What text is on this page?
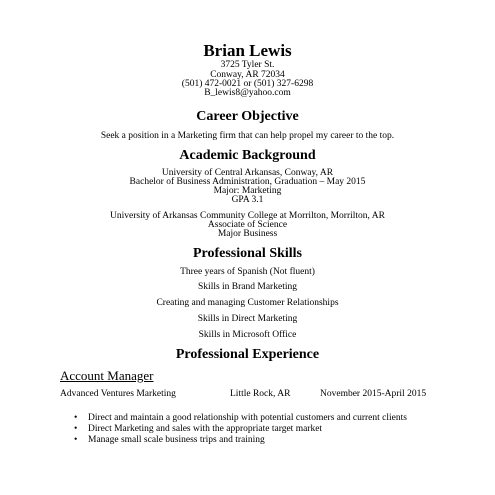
Brian Lewis
3725 Tyler St.
Conway, AR 72034
(501) 472-0021 or (501) 327-6298
B_lewis8@yahoo.com
Career Objective
Seek a position in a Marketing firm that can help propel my career to the top.
Academic Background
University of Central Arkansas, Conway, AR
Bachelor of Business Administration, Graduation – May 2015
Major: Marketing
GPA 3.1
University of Arkansas Community College at Morrilton, Morrilton, AR
Associate of Science
Major Business
Professional Skills
Three years of Spanish (Not fluent)
Skills in Brand Marketing
Creating and managing Customer Relationships
Skills in Direct Marketing
Skills in Microsoft Office
Professional Experience
Account Manager
Advanced Ventures Marketing	Little Rock, AR	November 2015-April 2015
• Direct and maintain a good relationship with potential customers and current clients
• Direct Marketing and sales with the appropriate target market
• Manage small scale business trips and training
